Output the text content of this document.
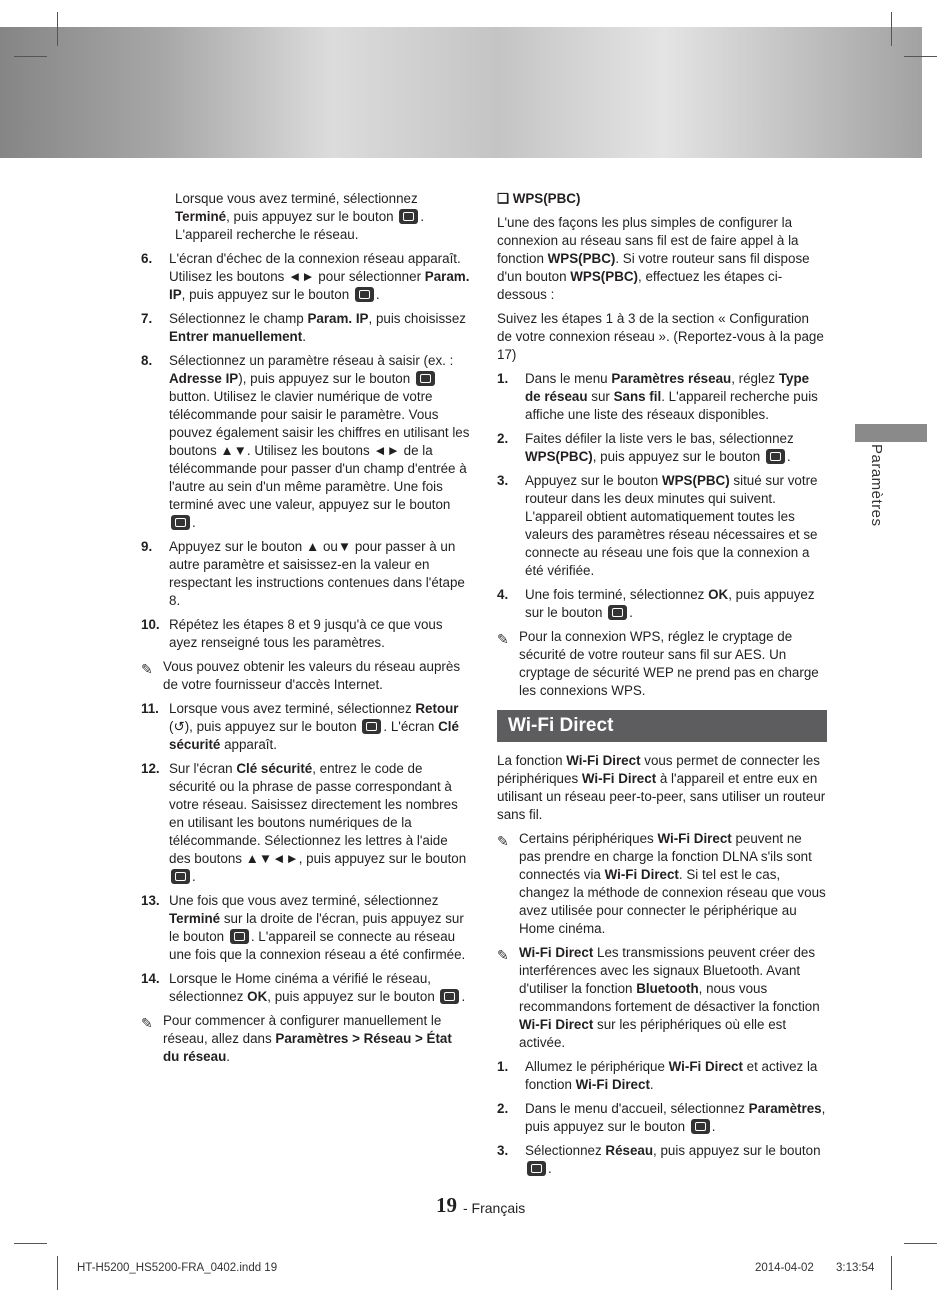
Lorsque vous avez terminé, sélectionnez Terminé, puis appuyez sur le bouton . L'appareil recherche le réseau.
6. L'écran d'échec de la connexion réseau apparaît. Utilisez les boutons ◄► pour sélectionner Param. IP, puis appuyez sur le bouton .
7. Sélectionnez le champ Param. IP, puis choisissez Entrer manuellement.
8. Sélectionnez un paramètre réseau à saisir (ex. : Adresse IP), puis appuyez sur le bouton  button. Utilisez le clavier numérique de votre télécommande pour saisir le paramètre. Vous pouvez également saisir les chiffres en utilisant les boutons ▲▼. Utilisez les boutons ◄► de la télécommande pour passer d'un champ d'entrée à l'autre au sein d'un même paramètre. Une fois terminé avec une valeur, appuyez sur le bouton .
9. Appuyez sur le bouton ▲ ou▼ pour passer à un autre paramètre et saisissez-en la valeur en respectant les instructions contenues dans l'étape 8.
10. Répétez les étapes 8 et 9 jusqu'à ce que vous ayez renseigné tous les paramètres.
✎ Vous pouvez obtenir les valeurs du réseau auprès de votre fournisseur d'accès Internet.
11. Lorsque vous avez terminé, sélectionnez Retour (↺), puis appuyez sur le bouton . L'écran Clé sécurité apparaît.
12. Sur l'écran Clé sécurité, entrez le code de sécurité ou la phrase de passe correspondant à votre réseau. Saisissez directement les nombres en utilisant les boutons numériques de la télécommande. Sélectionnez les lettres à l'aide des boutons ▲▼◄►, puis appuyez sur le bouton .
13. Une fois que vous avez terminé, sélectionnez Terminé sur la droite de l'écran, puis appuyez sur le bouton . L'appareil se connecte au réseau une fois que la connexion réseau a été confirmée.
14. Lorsque le Home cinéma a vérifié le réseau, sélectionnez OK, puis appuyez sur le bouton .
✎ Pour commencer à configurer manuellement le réseau, allez dans Paramètres > Réseau > État du réseau.
❑ WPS(PBC)
L'une des façons les plus simples de configurer la connexion au réseau sans fil est de faire appel à la fonction WPS(PBC). Si votre routeur sans fil dispose d'un bouton WPS(PBC), effectuez les étapes ci-dessous :
Suivez les étapes 1 à 3 de la section « Configuration de votre connexion réseau ». (Reportez-vous à la page 17)
1. Dans le menu Paramètres réseau, réglez Type de réseau sur Sans fil. L'appareil recherche puis affiche une liste des réseaux disponibles.
2. Faites défiler la liste vers le bas, sélectionnez WPS(PBC), puis appuyez sur le bouton .
3. Appuyez sur le bouton WPS(PBC) situé sur votre routeur dans les deux minutes qui suivent. L'appareil obtient automatiquement toutes les valeurs des paramètres réseau nécessaires et se connecte au réseau une fois que la connexion a été vérifiée.
4. Une fois terminé, sélectionnez OK, puis appuyez sur le bouton .
✎ Pour la connexion WPS, réglez le cryptage de sécurité de votre routeur sans fil sur AES. Un cryptage de sécurité WEP ne prend pas en charge les connexions WPS.
Wi-Fi Direct
La fonction Wi-Fi Direct vous permet de connecter les périphériques Wi-Fi Direct à l'appareil et entre eux en utilisant un réseau peer-to-peer, sans utiliser un routeur sans fil.
✎ Certains périphériques Wi-Fi Direct peuvent ne pas prendre en charge la fonction DLNA s'ils sont connectés via Wi-Fi Direct. Si tel est le cas, changez la méthode de connexion réseau que vous avez utilisée pour connecter le périphérique au Home cinéma.
✎ Wi-Fi Direct Les transmissions peuvent créer des interférences avec les signaux Bluetooth. Avant d'utiliser la fonction Bluetooth, nous vous recommandons fortement de désactiver la fonction Wi-Fi Direct sur les périphériques où elle est activée.
1. Allumez le périphérique Wi-Fi Direct et activez la fonction Wi-Fi Direct.
2. Dans le menu d'accueil, sélectionnez Paramètres, puis appuyez sur le bouton .
3. Sélectionnez Réseau, puis appuyez sur le bouton .
Paramètres
19 - Français
HT-H5200_HS5200-FRA_0402.indd 19	2014-04-02 3:13:54
